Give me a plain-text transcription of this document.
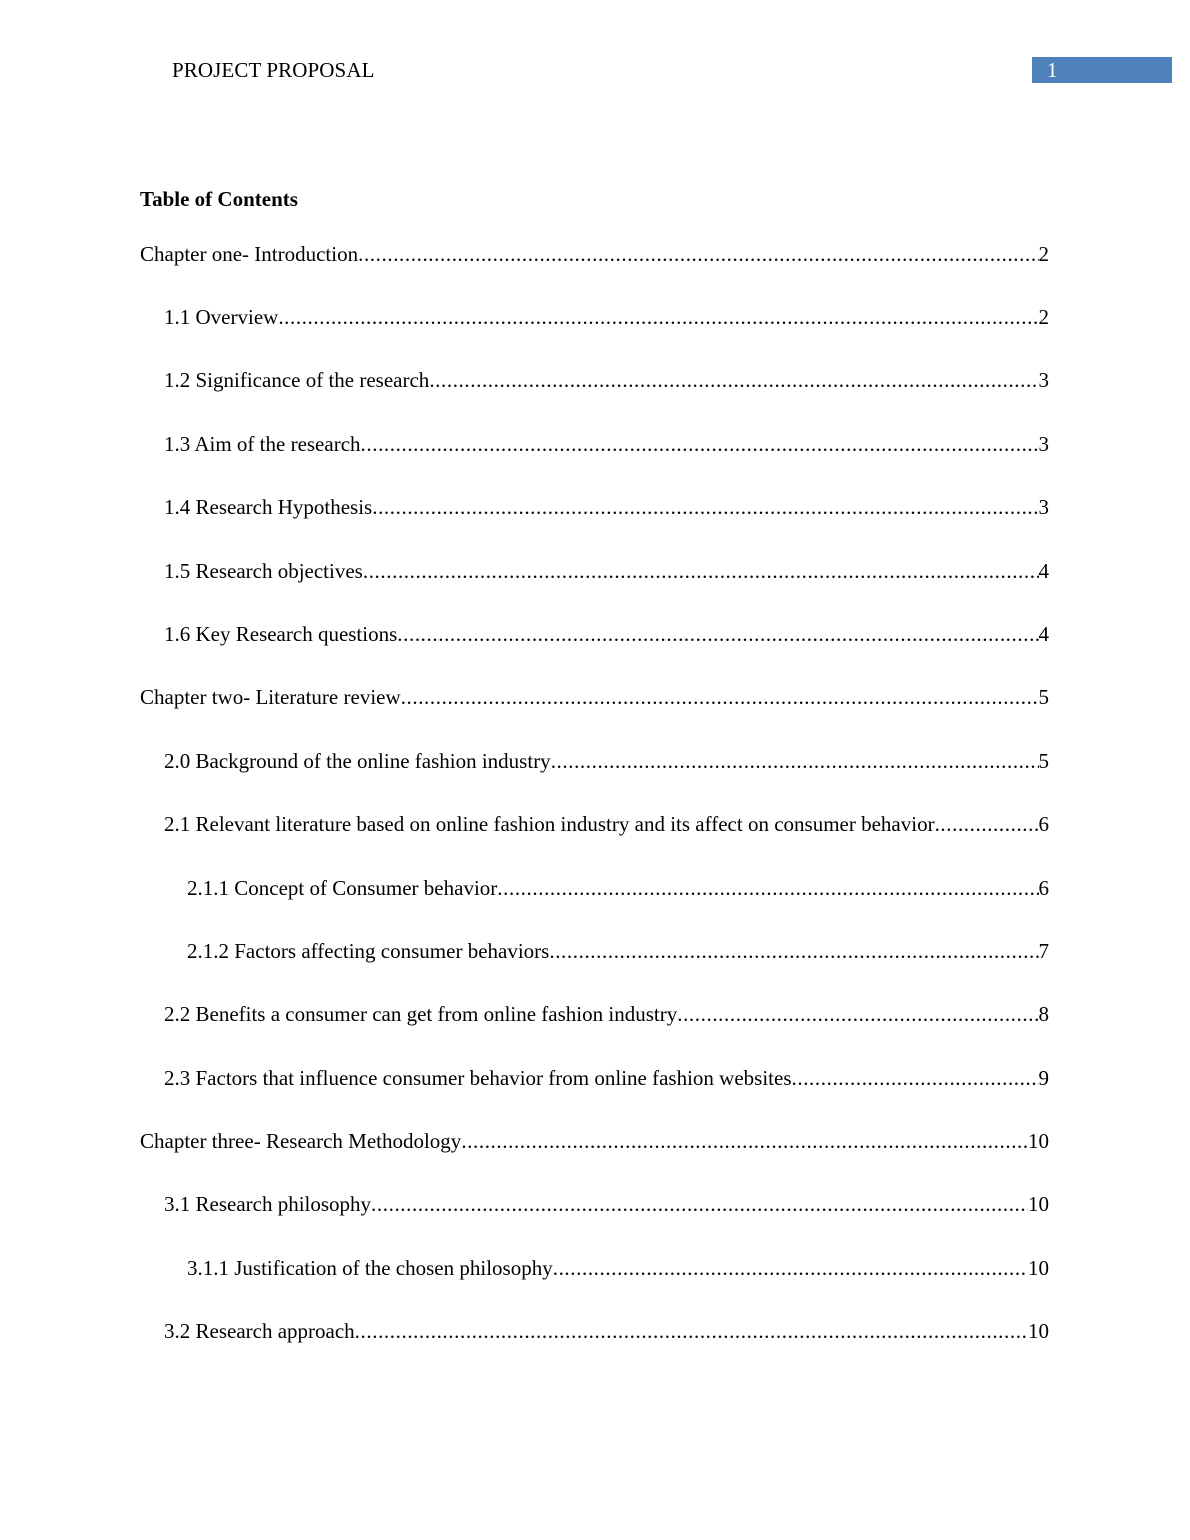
PROJECT PROPOSAL	1
Table of Contents
Chapter one- Introduction .....	2
1.1 Overview .....	2
1.2 Significance of the research .....	3
1.3 Aim of the research .....	3
1.4 Research Hypothesis .....	3
1.5 Research objectives .....	4
1.6 Key Research questions .....	4
Chapter two- Literature review .....	5
2.0 Background of the online fashion industry .....	5
2.1 Relevant literature based on online fashion industry and its affect on consumer behavior .....	6
2.1.1 Concept of Consumer behavior .....	6
2.1.2 Factors affecting consumer behaviors .....	7
2.2 Benefits a consumer can get from online fashion industry .....	8
2.3 Factors that influence consumer behavior from online fashion websites .....	9
Chapter three- Research Methodology .....	10
3.1 Research philosophy .....	10
3.1.1 Justification of the chosen philosophy .....	10
3.2 Research approach .....	10
